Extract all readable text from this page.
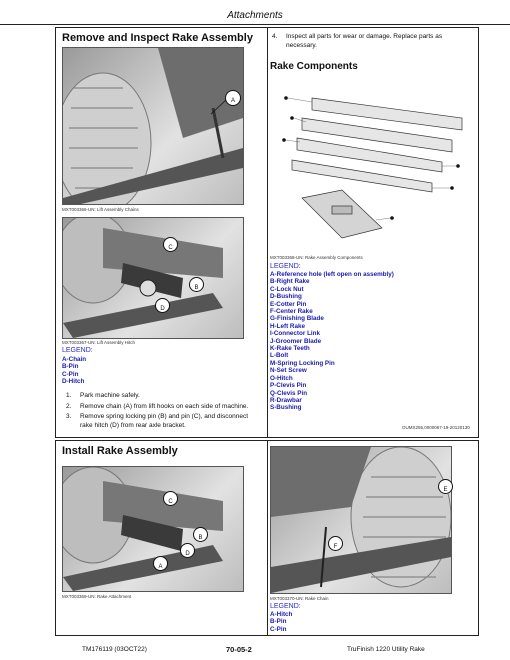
Attachments
Remove and Inspect Rake Assembly
A
MXT003366-UN: Lift Assembly Chains
C
B
D
MXT003367-UN: Lift Assembly Hitch
LEGEND:
A-Chain
B-Pin
C-Pin
D-Hitch
1. Park machine safely.
2. Remove chain (A) from lift hooks on each side of machine.
3. Remove spring locking pin (B) and pin (C), and disconnect rake hitch (D) from rear axle bracket.
4. Inspect all parts for wear or damage. Replace parts as necessary.
Rake Components
MXT003368-UN: Rake Assembly Components
LEGEND:
A-Reference hole (left open on assembly)
B-Right Rake
C-Lock Nut
D-Bushing
E-Cotter Pin
F-Center Rake
G-Finishing Blade
H-Left Rake
I-Connector Link
J-Groomer Blade
K-Rake Teeth
L-Bolt
M-Spring Locking Pin
N-Set Screw
O-Hitch
P-Clevis Pin
Q-Clevis Pin
R-Drawbar
S-Bushing
OUMX256,0000067-19-20120130
Install Rake Assembly
C
B
D
A
MXT003369-UN: Rake Attachment
E
F
MXT003370-UN: Rake Chain
LEGEND:
A-Hitch
B-Pin
C-Pin
TM176119 (03OCT22)	70-05-2	TruFinish 1220 Utility Rake
